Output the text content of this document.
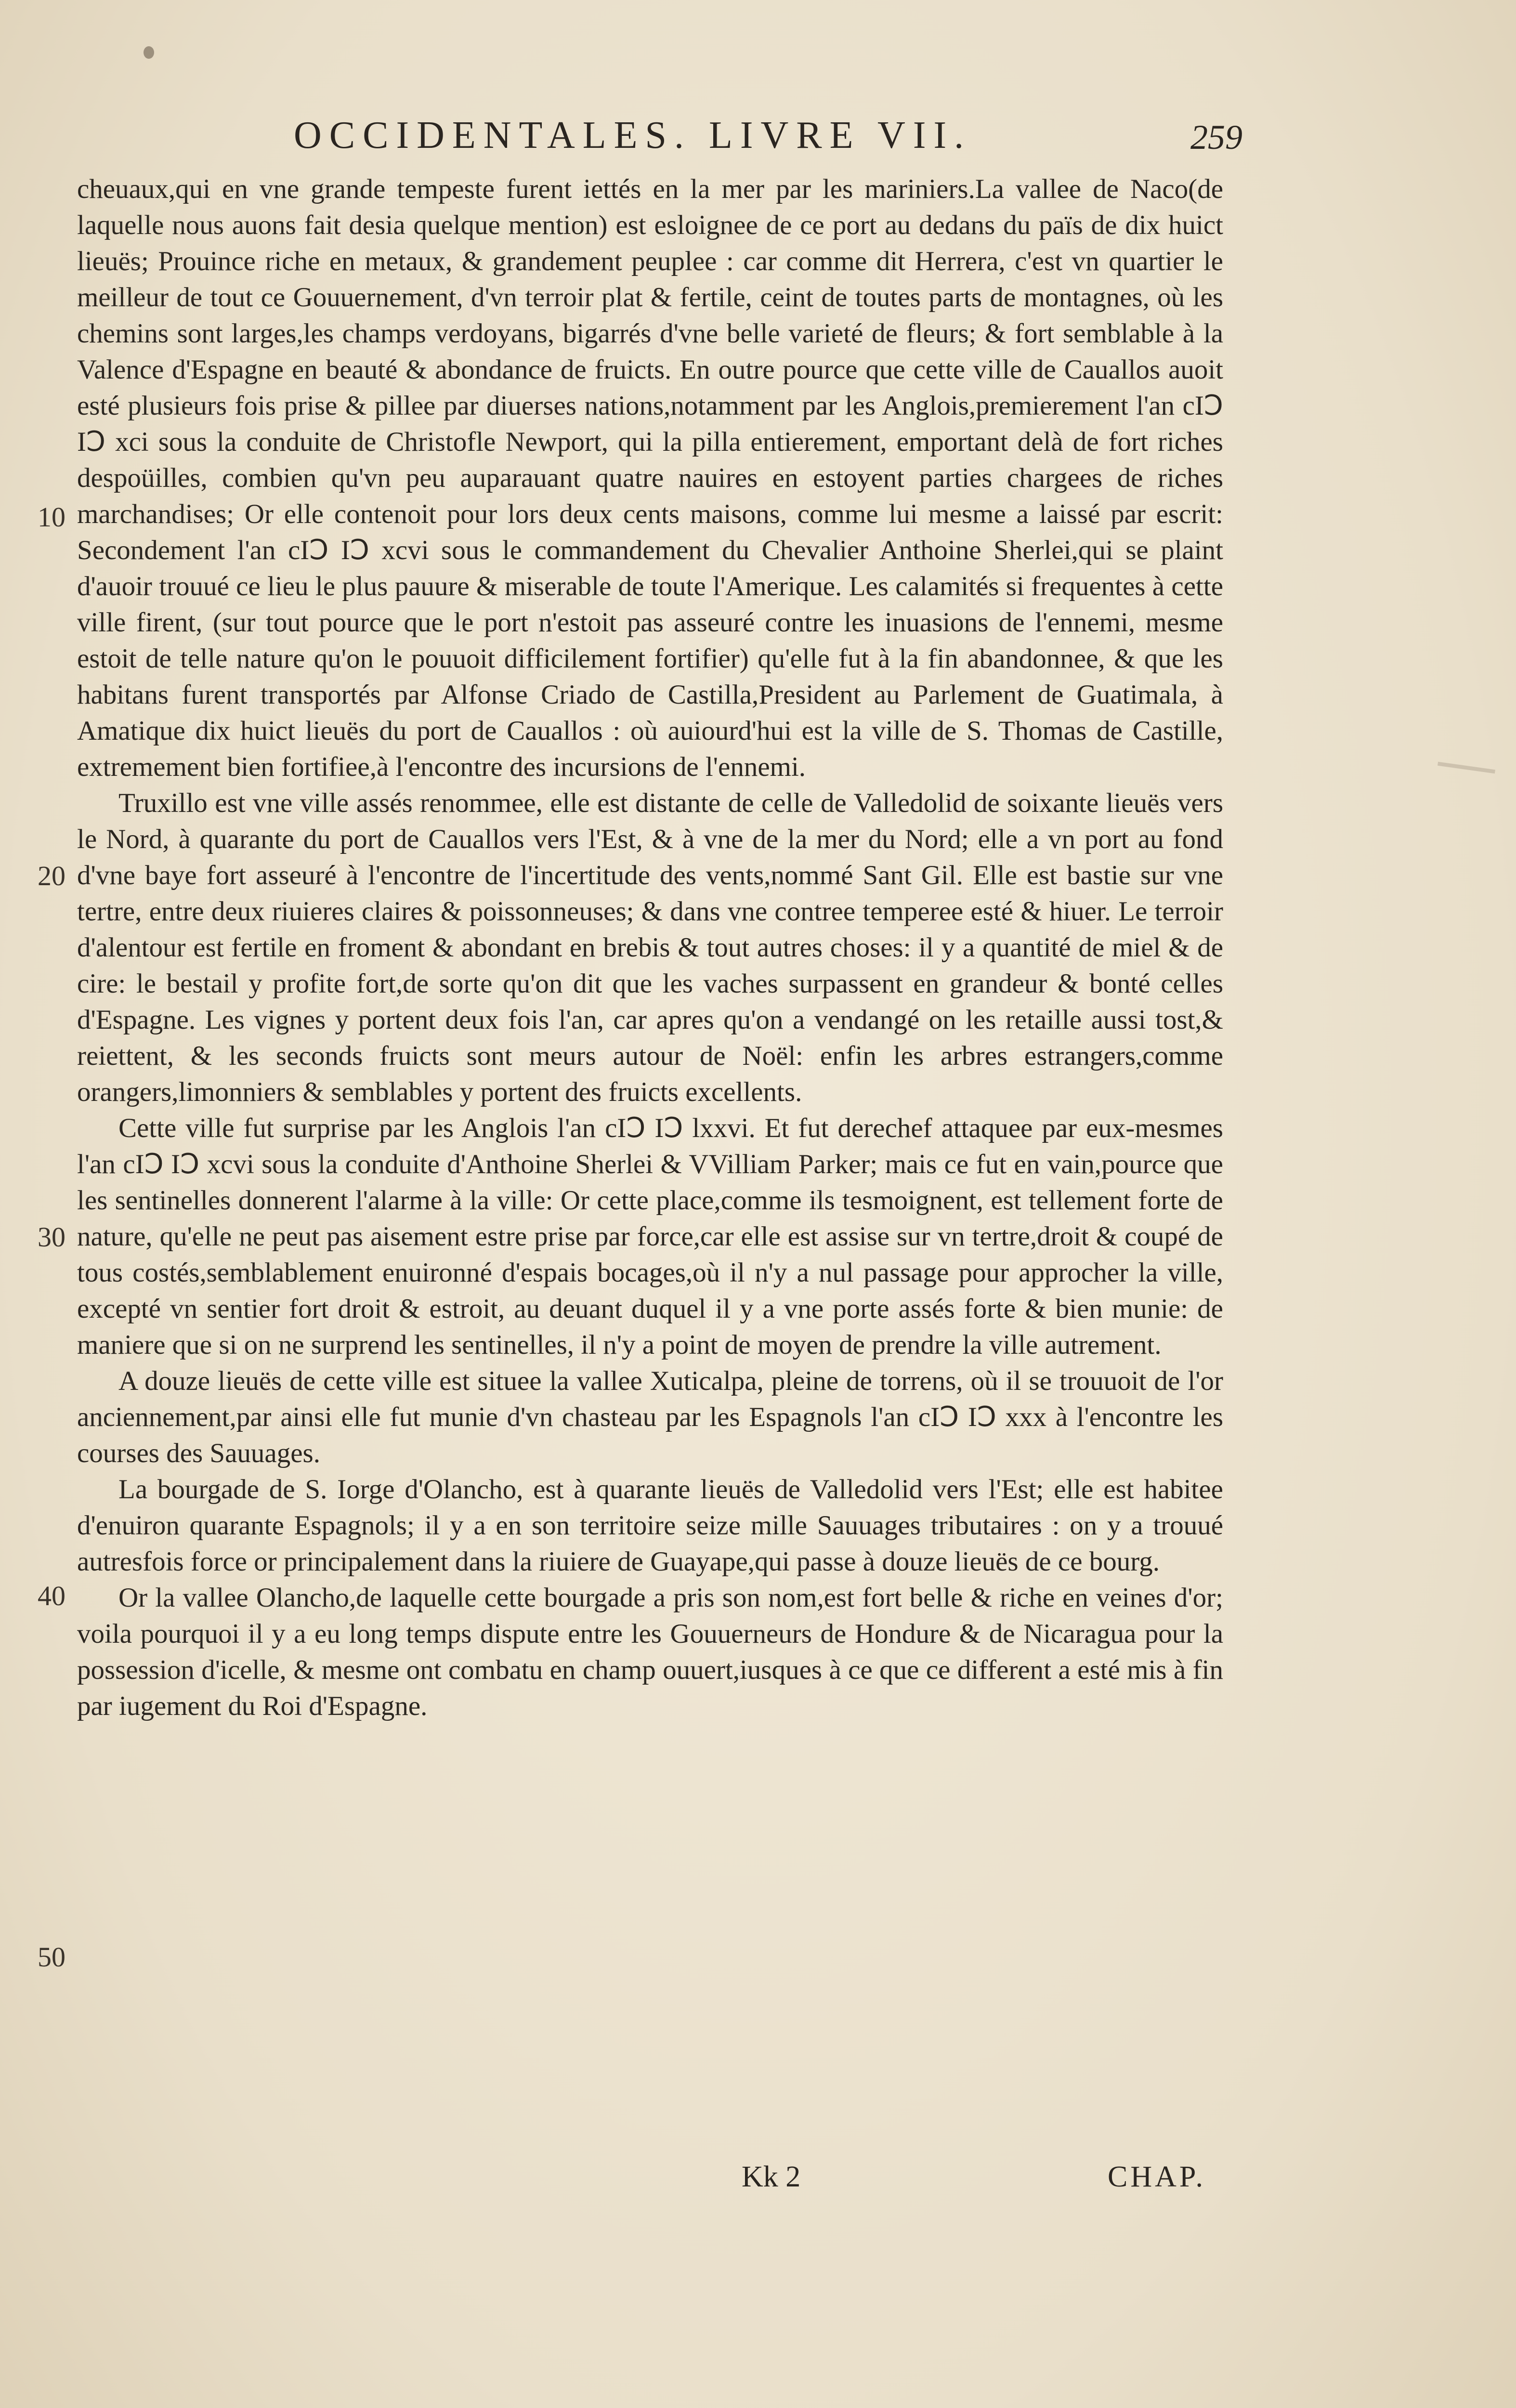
OCCIDENTALES. LIVRE VII.	259
10
20
30
40
50

cheuaux,qui en vne grande tempeste furent iettés en la mer par les mariniers.La vallee de Naco(de laquelle nous auons fait desia quelque mention) est esloignee de ce port au dedans du païs de dix huict lieuës; Prouince riche en metaux, & grandement peuplee : car comme dit Herrera, c'est vn quartier le meilleur de tout ce Gouuernement, d'vn terroir plat & fertile, ceint de toutes parts de montagnes, où les chemins sont larges,les champs verdoyans, bigarrés d'vne belle varieté de fleurs; & fort semblable à la Valence d'Espagne en beauté & abondance de fruicts. En outre pource que cette ville de Cauallos auoit esté plusieurs fois prise & pillee par diuerses nations,notamment par les Anglois,premierement l'an cIↃ IↃ xci sous la conduite de Christofle Newport, qui la pilla entierement, emportant delà de fort riches despoüilles, combien qu'vn peu auparauant quatre nauires en estoyent parties chargees de riches marchandises; Or elle contenoit pour lors deux cents maisons, comme lui mesme a laissé par escrit: Secondement l'an cIↃ IↃ xcvi sous le commandement du Chevalier Anthoine Sherlei,qui se plaint d'auoir trouué ce lieu le plus pauure & miserable de toute l'Amerique. Les calamités si frequentes à cette ville firent, (sur tout pource que le port n'estoit pas asseuré contre les inuasions de l'ennemi, mesme estoit de telle nature qu'on le pouuoit difficilement fortifier) qu'elle fut à la fin abandonnee, & que les habitans furent transportés par Alfonse Criado de Castilla,President au Parlement de Guatimala, à Amatique dix huict lieuës du port de Cauallos : où auiourd'hui est la ville de S. Thomas de Castille, extremement bien fortifiee,à l'encontre des incursions de l'ennemi.

Truxillo est vne ville assés renommee, elle est distante de celle de Valledolid de soixante lieuës vers le Nord, à quarante du port de Cauallos vers l'Est, & à vne de la mer du Nord; elle a vn port au fond d'vne baye fort asseuré à l'encontre de l'incertitude des vents,nommé Sant Gil. Elle est bastie sur vne tertre, entre deux riuieres claires & poissonneuses; & dans vne contree temperee esté & hiuer. Le terroir d'alentour est fertile en froment & abondant en brebis & tout autres choses: il y a quantité de miel & de cire: le bestail y profite fort,de sorte qu'on dit que les vaches surpassent en grandeur & bonté celles d'Espagne. Les vignes y portent deux fois l'an, car apres qu'on a vendangé on les retaille aussi tost,& reiettent, & les seconds fruicts sont meurs autour de Noël: enfin les arbres estrangers,comme orangers,limonniers & semblables y portent des fruicts excellents.

Cette ville fut surprise par les Anglois l'an cIↃ IↃ lxxvi. Et fut derechef attaquee par eux-mesmes l'an cIↃ IↃ xcvi sous la conduite d'Anthoine Sherlei & VVilliam Parker; mais ce fut en vain,pource que les sentinelles donnerent l'alarme à la ville: Or cette place,comme ils tesmoignent, est tellement forte de nature, qu'elle ne peut pas aisement estre prise par force,car elle est assise sur vn tertre,droit & coupé de tous costés,semblablement enuironné d'espais bocages,où il n'y a nul passage pour approcher la ville, excepté vn sentier fort droit & estroit, au deuant duquel il y a vne porte assés forte & bien munie: de maniere que si on ne surprend les sentinelles, il n'y a point de moyen de prendre la ville autrement.

A douze lieuës de cette ville est situee la vallee Xuticalpa, pleine de torrens, où il se trouuoit de l'or anciennement,par ainsi elle fut munie d'vn chasteau par les Espagnols l'an cIↃ IↃ xxx à l'encontre les courses des Sauuages.

La bourgade de S. Iorge d'Olancho, est à quarante lieuës de Valledolid vers l'Est; elle est habitee d'enuiron quarante Espagnols; il y a en son territoire seize mille Sauuages tributaires : on y a trouué autresfois force or principalement dans la riuiere de Guayape,qui passe à douze lieuës de ce bourg.

Or la vallee Olancho,de laquelle cette bourgade a pris son nom,est fort belle & riche en veines d'or; voila pourquoi il y a eu long temps dispute entre les Gouuerneurs de Hondure & de Nicaragua pour la possession d'icelle, & mesme ont combatu en champ ouuert,iusques à ce que ce different a esté mis à fin par iugement du Roi d'Espagne.

Kk 2	CHAP.
